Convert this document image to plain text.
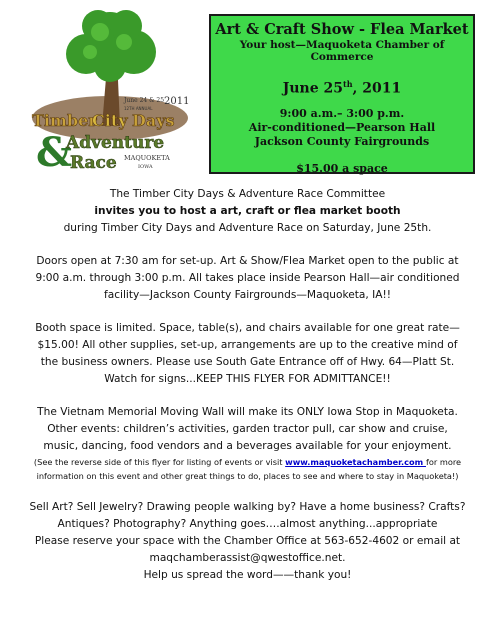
June 24 & 25 2011
12TH ANNUAL
Timber
City Days
&
Adventure
Race MAQUOKETA
IOWA
Art & Craft Show - Flea Market
Your host—Maquoketa Chamber of Commerce
June 25th, 2011
9:00 a.m.– 3:00 p.m.
Air-conditioned—Pearson Hall
Jackson County Fairgrounds
$15.00 a space

The Timber City Days & Adventure Race Committee

invites you to host a art, craft or flea market booth

during Timber City Days and Adventure Race on Saturday, June 25th.

Doors open at 7:30 am for set-up. Art & Show/Flea Market open to the public at

9:00 a.m. through 3:00 p.m. All takes place inside Pearson Hall—air conditioned

facility—Jackson County Fairgrounds—Maquoketa, IA!!

Booth space is limited. Space, table(s), and chairs available for one great rate—

$15.00! All other supplies, set-up, arrangements are up to the creative mind of

the business owners. Please use South Gate Entrance off of Hwy. 64—Platt St.

Watch for signs...KEEP THIS FLYER FOR ADMITTANCE!!

The Vietnam Memorial Moving Wall will make its ONLY Iowa Stop in Maquoketa.

Other events: children’s activities, garden tractor pull, car show and cruise,

music, dancing, food vendors and a beverages available for your enjoyment.

(See the reverse side of this flyer for listing of events or visit www.maquoketachamber.com for more

information on this event and other great things to do, places to see and where to stay in Maquoketa!)

Sell Art? Sell Jewelry? Drawing people walking by? Have a home business? Crafts?

Antiques? Photography? Anything goes….almost anything...appropriate

Please reserve your space with the Chamber Office at 563-652-4602 or email at

maqchamberassist@qwestoffice.net.

Help us spread the word——thank you!
